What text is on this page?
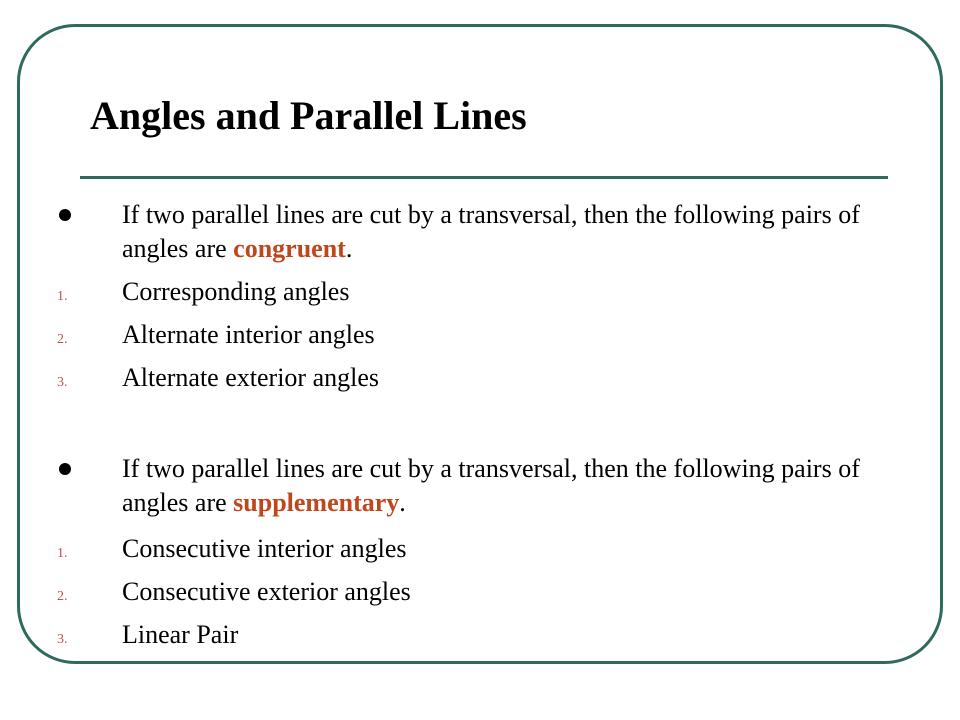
Angles and Parallel Lines
If two parallel lines are cut by a transversal, then the following pairs of angles are congruent.
1. Corresponding angles
2. Alternate interior angles
3. Alternate exterior angles
If two parallel lines are cut by a transversal, then the following pairs of angles are supplementary.
1. Consecutive interior angles
2. Consecutive exterior angles
3. Linear Pair
